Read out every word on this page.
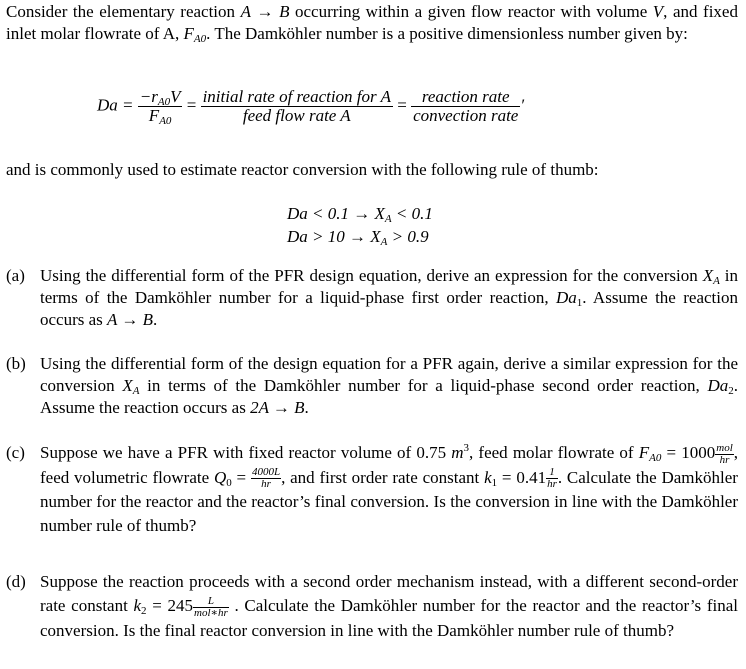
Consider the elementary reaction A → B occurring within a given flow reactor with volume V, and fixed inlet molar flowrate of A, $F_{A0}$. The Damköhler number is a positive dimensionless number given by:
$Da = \frac{-r_{A0}V}{F_{A0}} = \frac{\text{initial rate of reaction for A}}{\text{feed flow rate A}} = \frac{\text{reaction rate}}{\text{convection rate}}$ ′
and is commonly used to estimate reactor conversion with the following rule of thumb:
$Da < 0.1 \to X_A < 0.1$
$Da > 10 \to X_A > 0.9$
(a) Using the differential form of the PFR design equation, derive an expression for the conversion $X_A$ in terms of the Damköhler number for a liquid-phase first order reaction, $Da_1$. Assume the reaction occurs as A → B.
(b) Using the differential form of the design equation for a PFR again, derive a similar expression for the conversion $X_A$ in terms of the Damköhler number for a liquid-phase second order reaction, $Da_2$. Assume the reaction occurs as 2A → B.
(c) Suppose we have a PFR with fixed reactor volume of 0.75 $m^3$, feed molar flowrate of $F_{A0} = 1000$ mol
hr , feed volumetric flowrate $Q_0 = \frac{4000L}{hr}$ , and first order rate constant $k_1 = 0.41 \frac{1}{hr}$ . Calculate the Damköhler number for the reactor and the reactor’s final conversion. Is the conversion in line with the Damköhler number rule of thumb?
(d) Suppose the reaction proceeds with a second order mechanism instead, with a different second-order rate constant $k_2 = 245$	L
mol∗hr . Calculate the Damköhler number for the reactor and the reactor’s final conversion. Is the final reactor conversion in line with the Damköhler number rule of thumb?
